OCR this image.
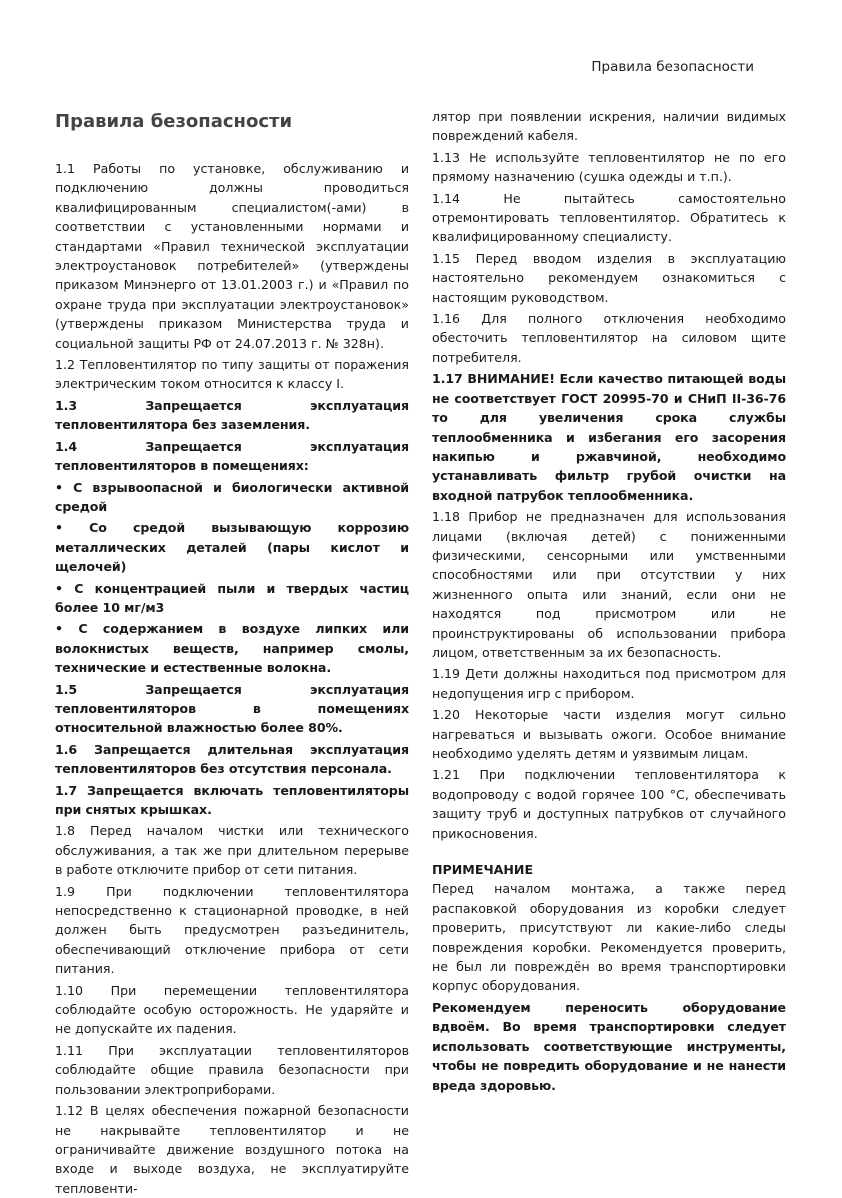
Правила безопасности
Правила безопасности

1.1 Работы по установке, обслуживанию и подключению должны проводиться квалифицированным специалистом(-ами) в соответствии с установленными нормами и стандартами «Правил технической эксплуатации электроустановок потребителей» (утверждены приказом Минэнерго от 13.01.2003 г.) и «Правил по охране труда при эксплуатации электроустановок» (утверждены приказом Министерства труда и социальной защиты РФ от 24.07.2013 г. № 328н).

1.2 Тепловентилятор по типу защиты от поражения электрическим током относится к классу I.

1.3 Запрещается эксплуатация тепловентилятора без заземления.

1.4 Запрещается эксплуатация тепловентиляторов в помещениях:

• С взрывоопасной и биологически активной средой

• Со средой вызывающую коррозию металлических деталей (пары кислот и щелочей)

• С концентрацией пыли и твердых частиц более 10 мг/м3

• С содержанием в воздухе липких или волокнистых веществ, например смолы, технические и естественные волокна.

1.5 Запрещается эксплуатация тепловентиляторов в помещениях относительной влажностью более 80%.

1.6 Запрещается длительная эксплуатация тепловентиляторов без отсутствия персонала.

1.7 Запрещается включать тепловентиляторы при снятых крышках.

1.8 Перед началом чистки или технического обслуживания, а так же при длительном перерыве в работе отключите прибор от сети питания.

1.9 При подключении тепловентилятора непосредственно к стационарной проводке, в ней должен быть предусмотрен разъединитель, обеспечивающий отключение прибора от сети питания.

1.10 При перемещении тепловентилятора соблюдайте особую осторожность. Не ударяйте и не допускайте их падения.

1.11 При эксплуатации тепловентиляторов соблюдайте общие правила безопасности при пользовании электроприборами.

1.12 В целях обеспечения пожарной безопасности не накрывайте тепловентилятор и не ограничивайте движение воздушного потока на входе и выходе воздуха, не эксплуатируйте тепловенти-

лятор при появлении искрения, наличии видимых повреждений кабеля.

1.13 Не используйте тепловентилятор не по его прямому назначению (сушка одежды и т.п.).

1.14 Не пытайтесь самостоятельно отремонтировать тепловентилятор. Обратитесь к квалифицированному специалисту.

1.15 Перед вводом изделия в эксплуатацию настоятельно рекомендуем ознакомиться с настоящим руководством.

1.16 Для полного отключения необходимо обесточить тепловентилятор на силовом щите потребителя.

1.17 ВНИМАНИЕ! Если качество питающей воды не соответствует ГОСТ 20995-70 и СНиП II-36-76 то для увеличения срока службы теплообменника и избегания его засорения накипью и ржавчиной, необходимо устанавливать фильтр грубой очистки на входной патрубок теплообменника.

1.18 Прибор не предназначен для использования лицами (включая детей) с пониженными физическими, сенсорными или умственными способностями или при отсутствии у них жизненного опыта или знаний, если они не находятся под присмотром или не проинструктированы об использовании прибора лицом, ответственным за их безопасность.

1.19 Дети должны находиться под присмотром для недопущения игр с прибором.

1.20 Некоторые части изделия могут сильно нагреваться и вызывать ожоги. Особое внимание необходимо уделять детям и уязвимым лицам.

1.21 При подключении тепловентилятора к водопроводу с водой горячее 100 °С, обеспечивать защиту труб и доступных патрубков от случайного прикосновения.

ПРИМЕЧАНИЕ

Перед началом монтажа, а также перед распаковкой оборудования из коробки следует проверить, присутствуют ли какие-либо следы повреждения коробки. Рекомендуется проверить, не был ли повреждён во время транспортировки корпус оборудования.

Рекомендуем переносить оборудование вдвоём. Во время транспортировки следует использовать соответствующие инструменты, чтобы не повредить оборудование и не нанести вреда здоровью.
